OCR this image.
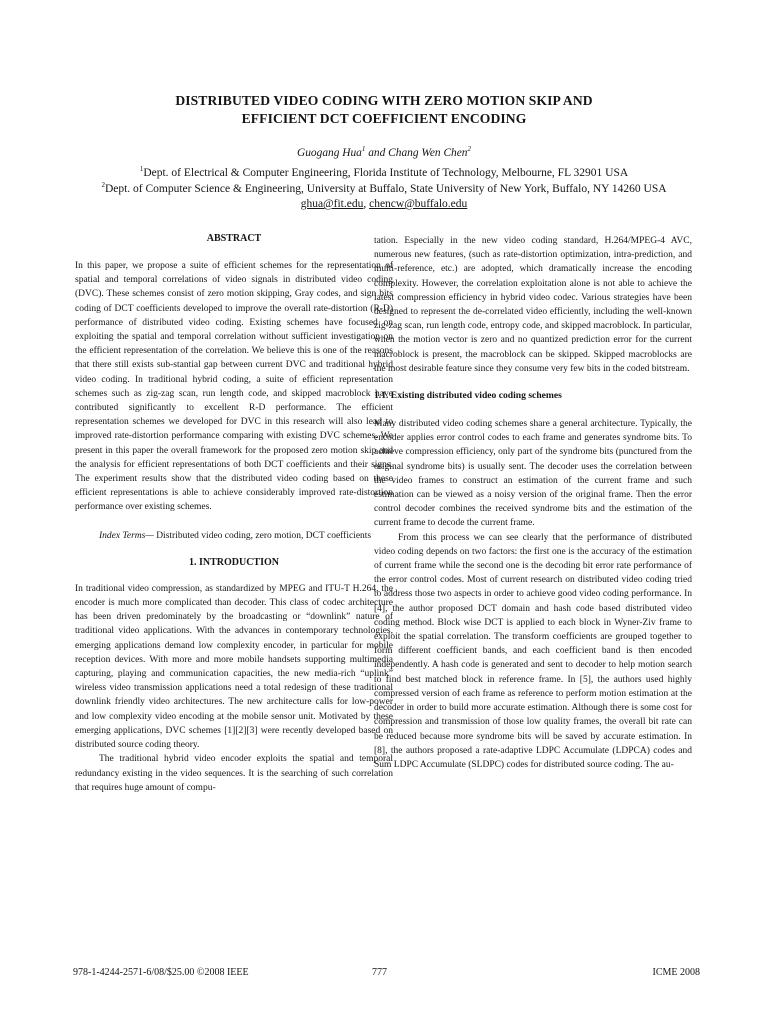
DISTRIBUTED VIDEO CODING WITH ZERO MOTION SKIP AND
EFFICIENT DCT COEFFICIENT ENCODING
Guogang Hua$^1$ and Chang Wen Chen$^2$
$^1$Dept. of Electrical & Computer Engineering, Florida Institute of Technology, Melbourne, FL 32901 USA
$^2$Dept. of Computer Science & Engineering, University at Buffalo, State University of New York, Buffalo, NY 14260 USA
ghua@fit.edu, chencw@buffalo.edu

ABSTRACT

In this paper, we propose a suite of efficient schemes for the representation of spatial and temporal correlations of video signals in distributed video coding (DVC). These schemes consist of zero motion skipping, Gray codes, and sign bits coding of DCT coefficients developed to improve the overall rate-distortion (R-D) performance of distributed video coding. Existing schemes have focused on exploiting the spatial and temporal correlation without sufficient investigation on the efficient representation of the correlation. We believe this is one of the reasons that there still exists sub-stantial gap between current DVC and traditional hybrid video coding. In traditional hybrid coding, a suite of efficient representation schemes such as zig-zag scan, run length code, and skipped macroblock have contributed significantly to excellent R-D performance. The efficient representation schemes we developed for DVC in this research will also lead to improved rate-distortion performance comparing with existing DVC schemes. We present in this paper the overall framework for the proposed zero motion skip and the analysis for efficient representations of both DCT coefficients and their signs. The experiment results show that the distributed video coding based on these efficient representations is able to achieve considerably improved rate-distortion performance over existing schemes.

Index Terms— Distributed video coding, zero motion, DCT coefficients

1. INTRODUCTION

In traditional video compression, as standardized by MPEG and ITU-T H.264, the encoder is much more complicated than decoder. This class of codec architecture has been driven predominately by the broadcasting or “downlink” nature of traditional video applications. With the advances in contemporary technologies, emerging applications demand low complexity encoder, in particular for mobile reception devices. With more and more mobile handsets supporting multimedia capturing, playing and communication capacities, the new media-rich “uplink” wireless video transmission applications need a total redesign of these traditional downlink friendly video architectures. The new architecture calls for low-power and low complexity video encoding at the mobile sensor unit. Motivated by these emerging applications, DVC schemes [1][2][3] were recently developed based on distributed source coding theory.

The traditional hybrid video encoder exploits the spatial and temporal redundancy existing in the video sequences. It is the searching of such correlation that requires huge amount of compu-

tation. Especially in the new video coding standard, H.264/MPEG-4 AVC, numerous new features, (such as rate-distortion optimization, intra-prediction, and multi-reference, etc.) are adopted, which dramatically increase the encoding complexity. However, the correlation exploitation alone is not able to achieve the latest compression efficiency in hybrid video codec. Various strategies have been designed to represent the de-correlated video efficiently, including the well-known zig-zag scan, run length code, entropy code, and skipped macroblock. In particular, when the motion vector is zero and no quantized prediction error for the current macroblock is present, the macroblock can be skipped. Skipped macroblocks are the most desirable feature since they consume very few bits in the coded bitstream.

1.1. Existing distributed video coding schemes

Many distributed video coding schemes share a general architecture. Typically, the encoder applies error control codes to each frame and generates syndrome bits. To achieve compression efficiency, only part of the syndrome bits (punctured from the original syndrome bits) is usually sent. The decoder uses the correlation between the video frames to construct an estimation of the current frame and such estimation can be viewed as a noisy version of the original frame. Then the error control decoder combines the received syndrome bits and the estimation of the current frame to decode the current frame.

From this process we can see clearly that the performance of distributed video coding depends on two factors: the first one is the accuracy of the estimation of current frame while the second one is the decoding bit error rate performance of the error control codes. Most of current research on distributed video coding tried to address those two aspects in order to achieve good video coding performance. In [4], the author proposed DCT domain and hash code based distributed video coding method. Block wise DCT is applied to each block in Wyner-Ziv frame to exploit the spatial correlation. The transform coefficients are grouped together to form different coefficient bands, and each coefficient band is then encoded independently. A hash code is generated and sent to decoder to help motion search to find best matched block in reference frame. In [5], the authors used highly compressed version of each frame as reference to perform motion estimation at the decoder in order to build more accurate estimation. Although there is some cost for compression and transmission of those low quality frames, the overall bit rate can be reduced because more syndrome bits will be saved by accurate estimation. In [8], the authors proposed a rate-adaptive LDPC Accumulate (LDPCA) codes and Sum LDPC Accumulate (SLDPC) codes for distributed source coding. The au-

978-1-4244-2571-6/08/$25.00 ©2008 IEEE	777	ICME 2008
